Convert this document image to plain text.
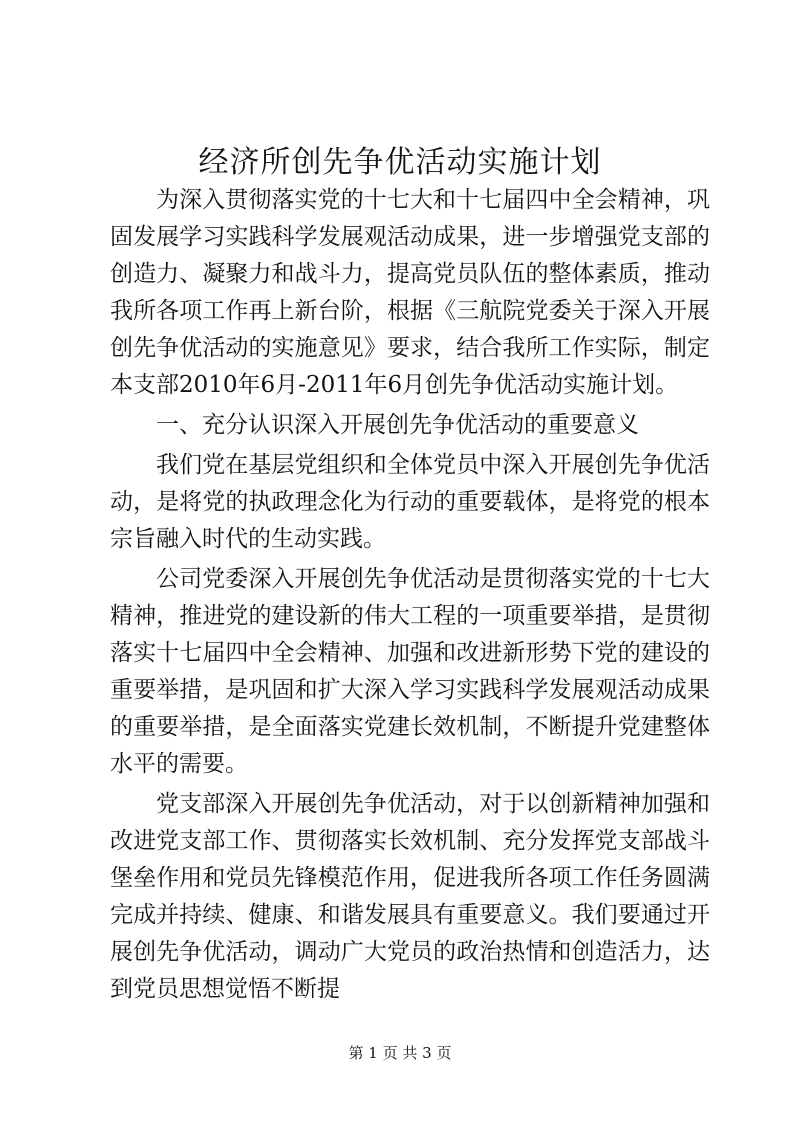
经济所创先争优活动实施计划

为深入贯彻落实党的十七大和十七届四中全会精神，巩固发展学习实践科学发展观活动成果，进一步增强党支部的创造力、凝聚力和战斗力，提高党员队伍的整体素质，推动我所各项工作再上新台阶，根据《三航院党委关于深入开展创先争优活动的实施意见》要求，结合我所工作实际，制定本支部2010年6月-2011年6月创先争优活动实施计划。

一、充分认识深入开展创先争优活动的重要意义

我们党在基层党组织和全体党员中深入开展创先争优活动，是将党的执政理念化为行动的重要载体，是将党的根本宗旨融入时代的生动实践。

公司党委深入开展创先争优活动是贯彻落实党的十七大精神，推进党的建设新的伟大工程的一项重要举措，是贯彻落实十七届四中全会精神、加强和改进新形势下党的建设的重要举措，是巩固和扩大深入学习实践科学发展观活动成果的重要举措，是全面落实党建长效机制，不断提升党建整体水平的需要。

党支部深入开展创先争优活动，对于以创新精神加强和改进党支部工作、贯彻落实长效机制、充分发挥党支部战斗堡垒作用和党员先锋模范作用，促进我所各项工作任务圆满完成并持续、健康、和谐发展具有重要意义。我们要通过开展创先争优活动，调动广大党员的政治热情和创造活力，达到党员思想觉悟不断提

第 1 页 共 3 页
